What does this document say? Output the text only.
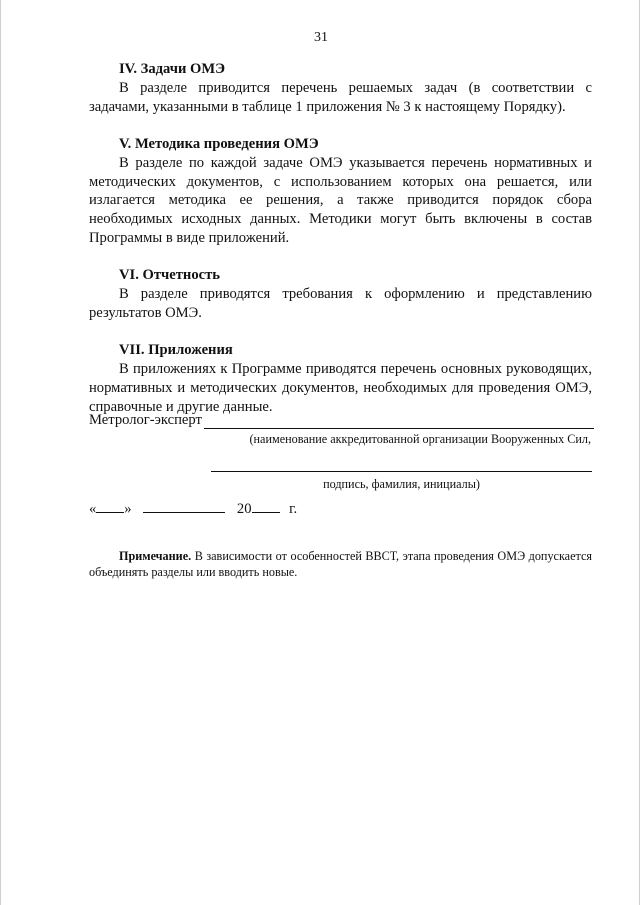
31
IV. Задачи ОМЭ

В разделе приводится перечень решаемых задач (в соответствии с задачами, указанными в таблице 1 приложения № 3 к настоящему Порядку).

V. Методика проведения ОМЭ

В разделе по каждой задаче ОМЭ указывается перечень нормативных и методических документов, с использованием которых она решается, или излагается методика ее решения, а также приводится порядок сбора необходимых исходных данных. Методики могут быть включены в состав Программы в виде приложений.

VI. Отчетность

В разделе приводятся требования к оформлению и представлению результатов ОМЭ.

VII. Приложения

В приложениях к Программе приводятся перечень основных руководящих, нормативных и методических документов, необходимых для проведения ОМЭ, справочные и другие данные.

Метролог-эксперт
(наименование аккредитованной организации Вооруженных Сил,
подпись, фамилия, инициалы)
« »	20	г.
Примечание. В зависимости от особенностей ВВСТ, этапа проведения ОМЭ допускается объединять разделы или вводить новые.
